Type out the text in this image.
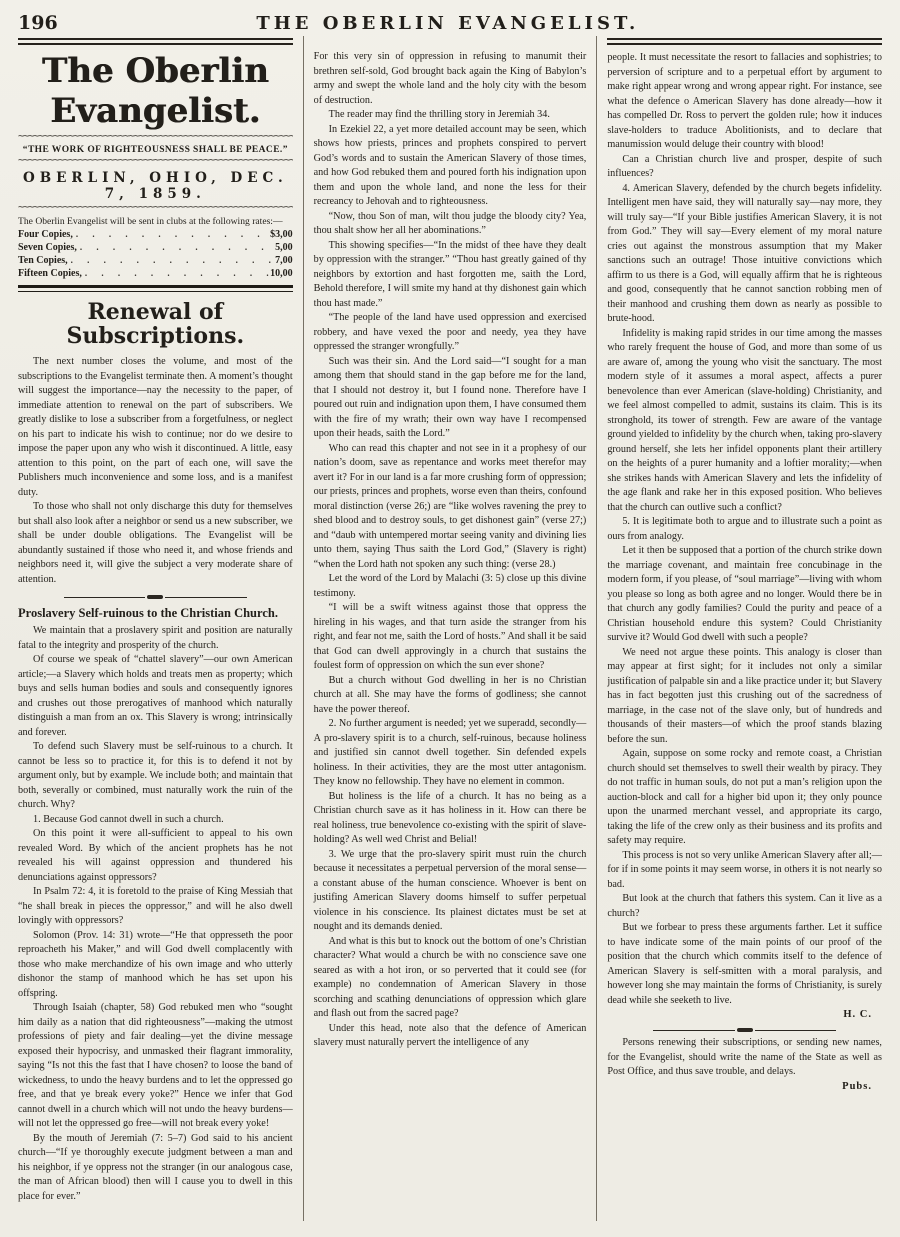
196	THE OBERLIN EVANGELIST.
The Oberlin Evangelist.
~~~~~
“THE WORK OF RIGHTEOUSNESS SHALL BE PEACE.”
~~~~~
OBERLIN, OHIO, DEC. 7, 1859.
~~~~~

The Oberlin Evangelist will be sent in clubs at the following rates:—

Four Copies, . .	$3,00
Seven Copies, . .	5,00
Ten Copies, . .	7,00
Fifteen Copies, . .	10,00
Renewal of Subscriptions.

The next number closes the volume, and most of the subscriptions to the Evangelist terminate then. A moment’s thought will suggest the importance—nay the necessity to the paper, of immediate attention to renewal on the part of subscribers. We greatly dislike to lose a subscriber from a forgetfulness, or neglect on his part to indicate his wish to continue; nor do we desire to impose the paper upon any who wish it discontinued. A little, easy attention to this point, on the part of each one, will save the Publishers much inconvenience and some loss, and is a manifest duty.

To those who shall not only discharge this duty for themselves but shall also look after a neighbor or send us a new subscriber, we shall be under double obligations. The Evangelist will be abundantly sustained if those who need it, and whose friends and neighbors need it, will give the subject a very moderate share of attention.

Proslavery Self-ruinous to the Christian Church.

We maintain that a proslavery spirit and position are naturally fatal to the integrity and prosperity of the church.

Of course we speak of “chattel slavery”—our own American article;—a Slavery which holds and treats men as property; which buys and sells human bodies and souls and consequently ignores and crushes out those prerogatives of manhood which naturally distinguish a man from an ox. This Slavery is wrong; intrinsically and forever.

To defend such Slavery must be self-ruinous to a church. It cannot be less so to practice it, for this is to defend it not by argument only, but by example. We include both; and maintain that both, severally or combined, must naturally work the ruin of the church. Why?

1. Because God cannot dwell in such a church.

On this point it were all-sufficient to appeal to his own revealed Word. By which of the ancient prophets has he not revealed his will against oppression and thundered his denunciations against oppressors?

In Psalm 72: 4, it is foretold to the praise of King Messiah that “he shall break in pieces the oppressor,” and will he also dwell lovingly with oppressors?

Solomon (Prov. 14: 31) wrote—“He that oppresseth the poor reproacheth his Maker,” and will God dwell complacently with those who make merchandize of his own image and who utterly dishonor the stamp of manhood which he has set upon his offspring.

Through Isaiah (chapter, 58) God rebuked men who “sought him daily as a nation that did righteousness”—making the utmost professions of piety and fair dealing—yet the divine message exposed their hypocrisy, and unmasked their flagrant immorality, saying “Is not this the fast that I have chosen? to loose the band of wickedness, to undo the heavy burdens and to let the oppressed go free, and that ye break every yoke?” Hence we infer that God cannot dwell in a church which will not undo the heavy burdens—will not let the oppressed go free—will not break every yoke!

By the mouth of Jeremiah (7: 5–7) God said to his ancient church—“If ye thoroughly execute judgment between a man and his neighbor, if ye oppress not the stranger (in our analogous case, the man of African blood) then will I cause you to dwell in this place for ever.”

For this very sin of oppression in refusing to manumit their brethren self-sold, God brought back again the King of Babylon’s army and swept the whole land and the holy city with the besom of destruction.

The reader may find the thrilling story in Jeremiah 34.

In Ezekiel 22, a yet more detailed account may be seen, which shows how priests, princes and prophets conspired to pervert God’s words and to sustain the American Slavery of those times, and how God rebuked them and poured forth his indignation upon them and upon the whole land, and none the less for their recreancy to Jehovah and to righteousness.

“Now, thou Son of man, wilt thou judge the bloody city? Yea, thou shalt show her all her abominations.”

This showing specifies—“In the midst of thee have they dealt by oppression with the stranger.” “Thou hast greatly gained of thy neighbors by extortion and hast forgotten me, saith the Lord, Behold therefore, I will smite my hand at thy dishonest gain which thou hast made.”

“The people of the land have used oppression and exercised robbery, and have vexed the poor and needy, yea they have oppressed the stranger wrongfully.”

Such was their sin. And the Lord said—“I sought for a man among them that should stand in the gap before me for the land, that I should not destroy it, but I found none. Therefore have I poured out ruin and indignation upon them, I have consumed them with the fire of my wrath; their own way have I recompensed upon their heads, saith the Lord.”

Who can read this chapter and not see in it a prophesy of our nation’s doom, save as repentance and works meet therefor may avert it? For in our land is a far more crushing form of oppression; our priests, princes and prophets, worse even than theirs, confound moral distinction (verse 26;) are “like wolves ravening the prey to shed blood and to destroy souls, to get dishonest gain” (verse 27;) and “daub with untempered mortar seeing vanity and divining lies unto them, saying Thus saith the Lord God,” (Slavery is right) “when the Lord hath not spoken any such thing: (verse 28.)

Let the word of the Lord by Malachi (3: 5) close up this divine testimony.

“I will be a swift witness against those that oppress the hireling in his wages, and that turn aside the stranger from his right, and fear not me, saith the Lord of hosts.” And shall it be said that God can dwell approvingly in a church that sustains the foulest form of oppression on which the sun ever shone?

But a church without God dwelling in her is no Christian church at all. She may have the forms of godliness; she cannot have the power thereof.

2. No further argument is needed; yet we superadd, secondly—A pro-slavery spirit is to a church, self-ruinous, because holiness and justified sin cannot dwell together. Sin defended expels holiness. In their activities, they are the most utter antagonism. They know no fellowship. They have no element in common.

But holiness is the life of a church. It has no being as a Christian church save as it has holiness in it. How can there be real holiness, true benevolence co-existing with the spirit of slave-holding? As well wed Christ and Belial!

3. We urge that the pro-slavery spirit must ruin the church because it necessitates a perpetual perversion of the moral sense—a constant abuse of the human conscience. Whoever is bent on justifing American Slavery dooms himself to suffer perpetual violence in his conscience. Its plainest dictates must be set at nought and its demands denied.

And what is this but to knock out the bottom of one’s Christian character? What would a church be with no conscience save one seared as with a hot iron, or so perverted that it could see (for example) no condemnation of American Slavery in those scorching and scathing denunciations of oppression which glare and flash out from the sacred page?

Under this head, note also that the defence of American slavery must naturally pervert the intelligence of any

people. It must necessitate the resort to fallacies and sophistries; to perversion of scripture and to a perpetual effort by argument to make right appear wrong and wrong appear right. For instance, see what the defence o American Slavery has done already—how it has compelled Dr. Ross to pervert the golden rule; how it induces slave-holders to traduce Abolitionists, and to declare that manumission would deluge their country with blood!

Can a Christian church live and prosper, despite of such influences?

4. American Slavery, defended by the church begets infidelity. Intelligent men have said, they will naturally say—nay more, they will truly say—“If your Bible justifies American Slavery, it is not from God.” They will say—Every element of my moral nature cries out against the monstrous assumption that my Maker sanctions such an outrage! Those intuitive convictions which affirm to us there is a God, will equally affirm that he is righteous and good, consequently that he cannot sanction robbing men of their manhood and crushing them down as nearly as possible to brute-hood.

Infidelity is making rapid strides in our time among the masses who rarely frequent the house of God, and more than some of us are aware of, among the young who visit the sanctuary. The most modern style of it assumes a moral aspect, affects a purer benevolence than ever American (slave-holding) Christianity, and we feel almost compelled to admit, sustains its claim. This is its stronghold, its tower of strength. Few are aware of the vantage ground yielded to infidelity by the church when, taking pro-slavery ground herself, she lets her infidel opponents plant their artillery on the heights of a purer humanity and a loftier morality;—when she strikes hands with American Slavery and lets the infidelity of the age flank and rake her in this exposed position. Who believes that the church can outlive such a conflict?

5. It is legitimate both to argue and to illustrate such a point as ours from analogy.

Let it then be supposed that a portion of the church strike down the marriage covenant, and maintain free concubinage in the modern form, if you please, of “soul marriage”—living with whom you please so long as both agree and no longer. Would there be in that church any godly families? Could the purity and peace of a Christian household endure this system? Could Christianity survive it? Would God dwell with such a people?

We need not argue these points. This analogy is closer than may appear at first sight; for it includes not only a similar justification of palpable sin and a like practice under it; but Slavery has in fact begotten just this crushing out of the sacredness of marriage, in the case not of the slave only, but of hundreds and thousands of their masters—of which the proof stands blazing before the sun.

Again, suppose on some rocky and remote coast, a Christian church should set themselves to swell their wealth by piracy. They do not traffic in human souls, do not put a man’s religion upon the auction-block and call for a higher bid upon it; they only pounce upon the unarmed merchant vessel, and appropriate its cargo, taking the life of the crew only as their business and its profits and safety may require.

This process is not so very unlike American Slavery after all;—for if in some points it may seem worse, in others it is not nearly so bad.

But look at the church that fathers this system. Can it live as a church?

But we forbear to press these arguments farther. Let it suffice to have indicate some of the main points of our proof of the position that the church which commits itself to the defence of American Slavery is self-smitten with a moral paralysis, and however long she may maintain the forms of Christianity, is surely dead while she seeketh to live.

H. C.

Persons renewing their subscriptions, or sending new names, for the Evangelist, should write the name of the State as well as Post Office, and thus save trouble, and delays.

Pubs.
